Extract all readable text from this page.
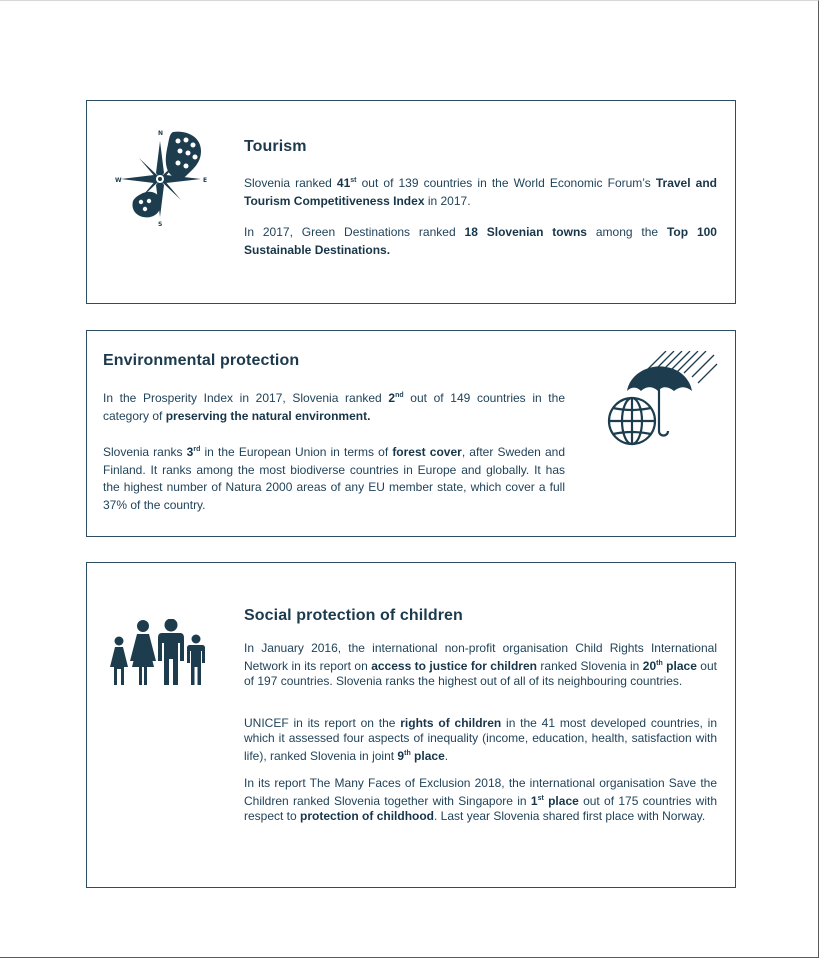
N
E
S
W
Tourism

Slovenia ranked 41st out of 139 countries in the World Economic Forum’s Travel and Tourism Competitiveness Index in 2017.

In 2017, Green Destinations ranked 18 Slovenian towns among the Top 100 Sustainable Destinations.

Environmental protection

In the Prosperity Index in 2017, Slovenia ranked 2nd out of 149 countries in the category of preserving the natural environment.

Slovenia ranks 3rd in the European Union in terms of forest cover, after Sweden and Finland. It ranks among the most biodiverse countries in Europe and globally. It has the highest number of Natura 2000 areas of any EU member state, which cover a full 37% of the country.

Social protection of children

In January 2016, the international non-profit organisation Child Rights International Network in its report on access to justice for children ranked Slovenia in 20th place out of 197 countries. Slovenia ranks the highest out of all of its neighbouring countries.

UNICEF in its report on the rights of children in the 41 most developed countries, in which it assessed four aspects of inequality (income, education, health, satisfaction with life), ranked Slovenia in joint 9th place.

In its report The Many Faces of Exclusion 2018, the international organisation Save the Children ranked Slovenia together with Singapore in 1st place out of 175 countries with respect to protection of childhood. Last year Slovenia shared first place with Norway.
